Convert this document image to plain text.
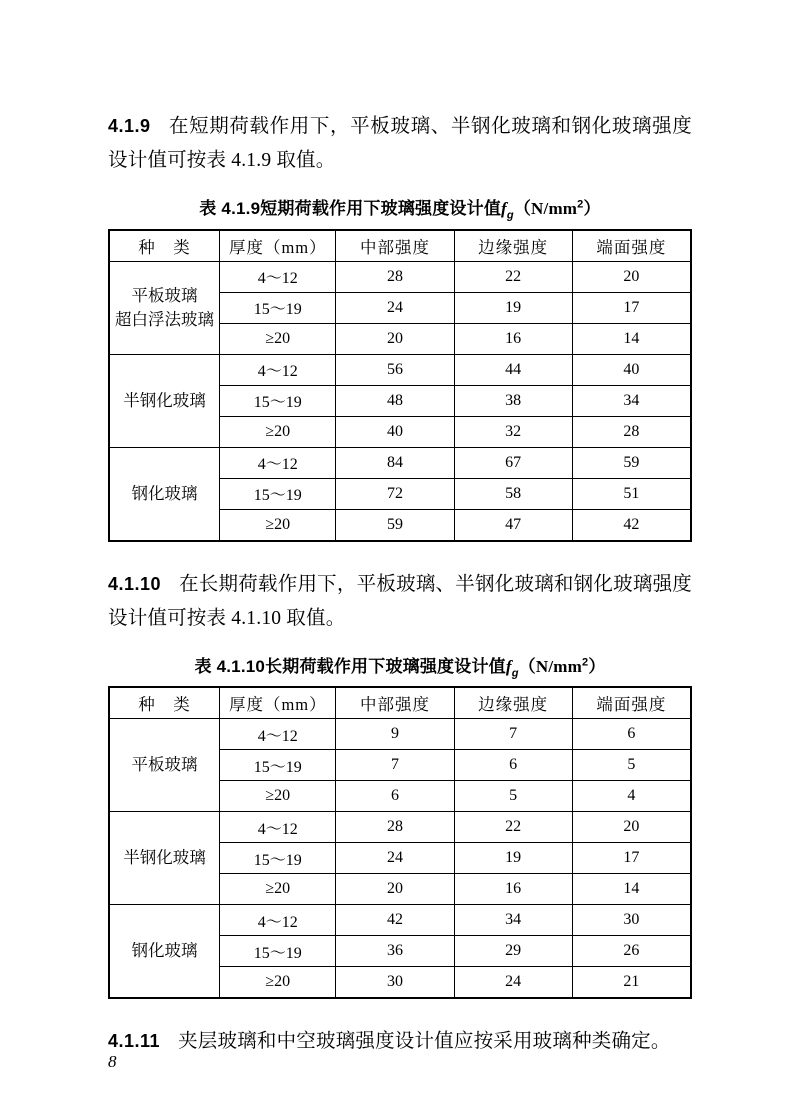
4.1.9 在短期荷载作用下，平板玻璃、半钢化玻璃和钢化玻璃强度设计值可按表 4.1.9 取值。

表 4.1.9短期荷载作用下玻璃强度设计值$f_g(N/mm^2)$
种　类	厚度（mm）	中部强度	边缘强度	端面强度

平板玻璃
超白浮法玻璃	4～12	28	22	20
	15～19	24	19	17
	≥20	20	16	14
半钢化玻璃	4～12	56	44	40
	15～19	48	38	34
	≥20	40	32	28
钢化玻璃	4～12	84	67	59
	15～19	72	58	51
	≥20	59	47	42

4.1.10 在长期荷载作用下，平板玻璃、半钢化玻璃和钢化玻璃强度设计值可按表 4.1.10 取值。

表 4.1.10长期荷载作用下玻璃强度设计值$f_g(N/mm^2)$
种　类	厚度（mm）	中部强度	边缘强度	端面强度
平板玻璃	4～12	9	7	6
	15～19	7	6	5
	≥20	6	5	4
半钢化玻璃	4～12	28	22	20
	15～19	24	19	17
	≥20	20	16	14
钢化玻璃	4～12	42	34	30
	15～19	36	29	26
	≥20	30	24	21

4.1.11 夹层玻璃和中空玻璃强度设计值应按采用玻璃种类确定。

8
